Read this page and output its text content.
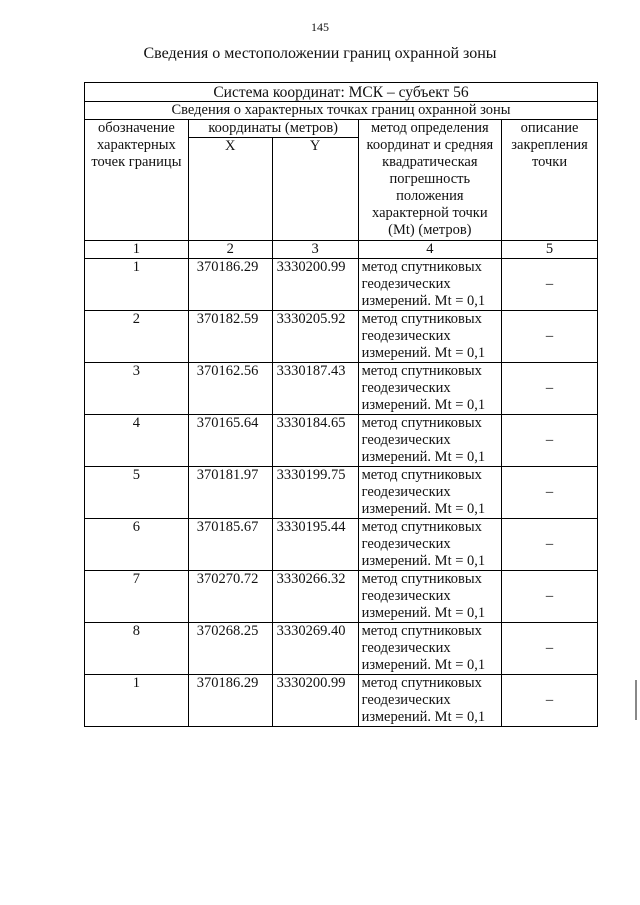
145
Сведения о местоположении границ охранной зоны
Система координат: МСК – субъект 56				
Сведения о характерных точках границ охранной зоны				
обозначение характерных точек границы	координаты (метров)		метод определения координат и средняя квадратическая погрешность положения характерной точки (Mt) (метров)	описание закрепления точки
	X	Y		
1	2	3	4	5
1	370186.29	3330200.99	метод спутниковых геодезических измерений. Mt = 0,1	–
2	370182.59	3330205.92	метод спутниковых геодезических измерений. Mt = 0,1	–
3	370162.56	3330187.43	метод спутниковых геодезических измерений. Mt = 0,1	–
4	370165.64	3330184.65	метод спутниковых геодезических измерений. Mt = 0,1	–
5	370181.97	3330199.75	метод спутниковых геодезических измерений. Mt = 0,1	–
6	370185.67	3330195.44	метод спутниковых геодезических измерений. Mt = 0,1	–
7	370270.72	3330266.32	метод спутниковых геодезических измерений. Mt = 0,1	–
8	370268.25	3330269.40	метод спутниковых геодезических измерений. Mt = 0,1	–
1	370186.29	3330200.99	метод спутниковых геодезических измерений. Mt = 0,1	–
